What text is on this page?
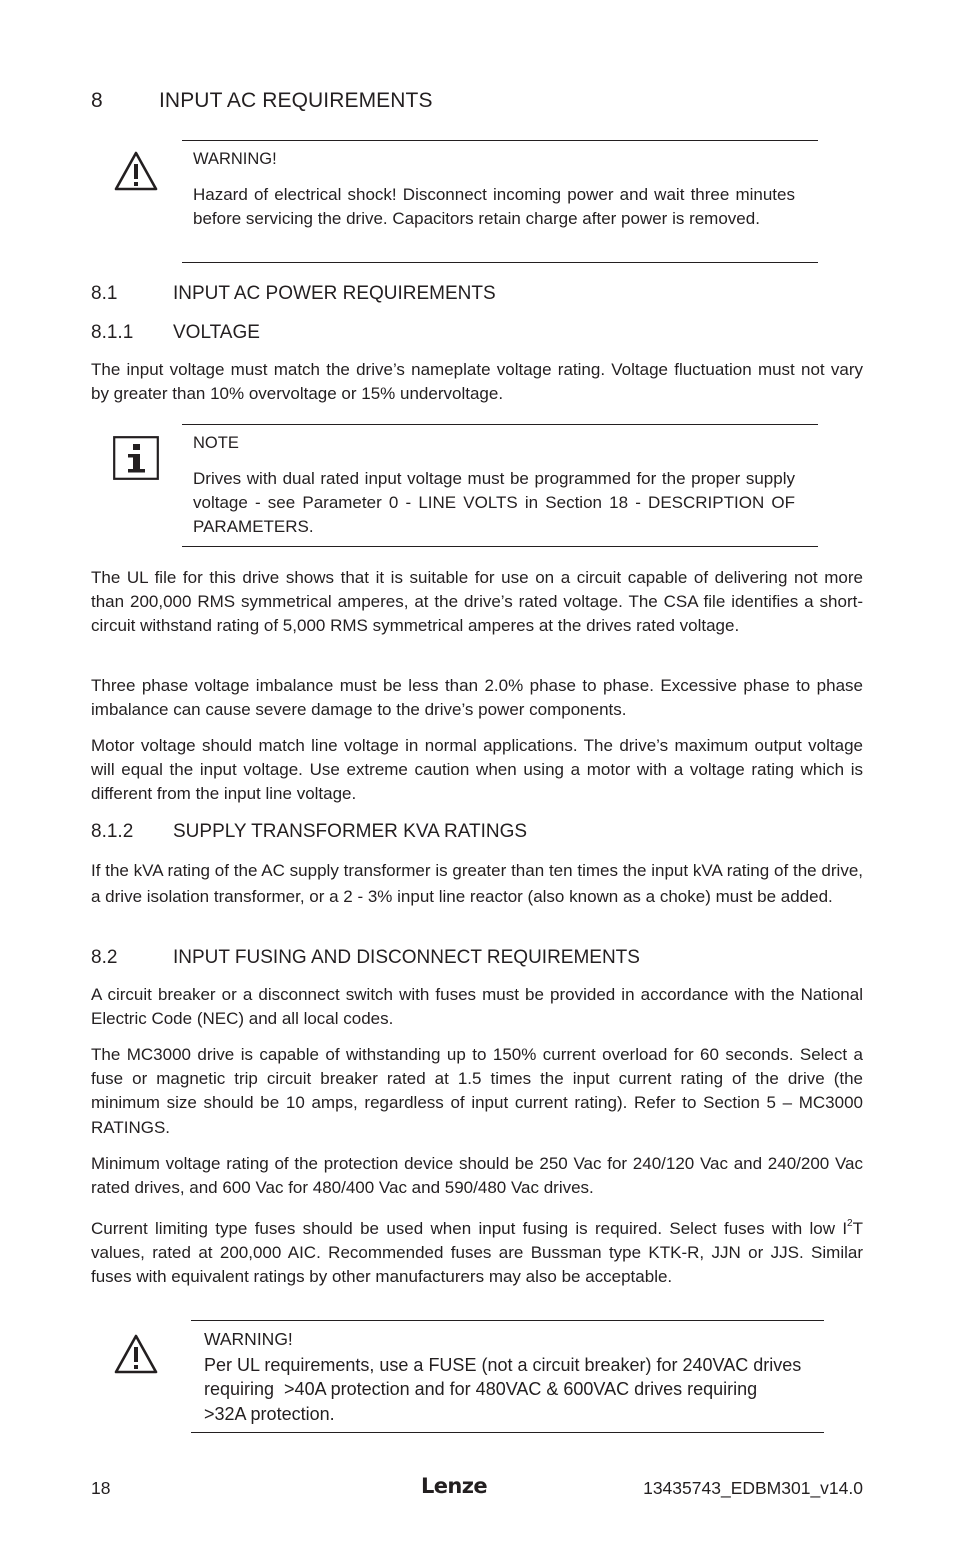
8	INPUT AC REQUIREMENTS
WARNING!

Hazard of electrical shock! Disconnect incoming power and wait three minutes before servicing the drive. Capacitors retain charge after power is removed.

8.1	INPUT AC POWER REQUIREMENTS
8.1.1 VOLTAGE

The input voltage must match the drive’s nameplate voltage rating. Voltage fluctuation must not vary by greater than 10% overvoltage or 15% undervoltage.

NOTE

Drives with dual rated input voltage must be programmed for the proper supply voltage - see Parameter 0 - LINE VOLTS in Section 18 - DESCRIPTION OF PARAMETERS.

The UL file for this drive shows that it is suitable for use on a circuit capable of delivering not more than 200,000 RMS symmetrical amperes, at the drive’s rated voltage. The CSA file identifies a short-circuit withstand rating of 5,000 RMS symmetrical amperes at the drives rated voltage.

Three phase voltage imbalance must be less than 2.0% phase to phase. Excessive phase to phase imbalance can cause severe damage to the drive’s power components.

Motor voltage should match line voltage in normal applications. The drive’s maximum output voltage will equal the input voltage. Use extreme caution when using a motor with a voltage rating which is different from the input line voltage.

8.1.2 SUPPLY TRANSFORMER KVA RATINGS

If the kVA rating of the AC supply transformer is greater than ten times the input kVA rating of the drive, a drive isolation transformer, or a 2 - 3% input line reactor (also known as a choke) must be added.

8.2	INPUT FUSING AND DISCONNECT REQUIREMENTS

A circuit breaker or a disconnect switch with fuses must be provided in accordance with the National Electric Code (NEC) and all local codes.

The MC3000 drive is capable of withstanding up to 150% current overload for 60 seconds. Select a fuse or magnetic trip circuit breaker rated at 1.5 times the input current rating of the drive (the minimum size should be 10 amps, regardless of input current rating). Refer to Section 5 – MC3000 RATINGS.

Minimum voltage rating of the protection device should be 250 Vac for 240/120 Vac and 240/200 Vac rated drives, and 600 Vac for 480/400 Vac and 590/480 Vac drives.

Current limiting type fuses should be used when input fusing is required. Select fuses with low $I^2T$ values, rated at 200,000 AIC. Recommended fuses are Bussman type KTK-R, JJN or JJS. Similar fuses with equivalent ratings by other manufacturers may also be acceptable.

WARNING!
Per UL requirements, use a FUSE (not a circuit breaker) for 240VAC drives
requiring  >40A protection and for 480VAC & 600VAC drives requiring
>32A protection.
18	Lenze	13435743_EDBM301_v14.0
